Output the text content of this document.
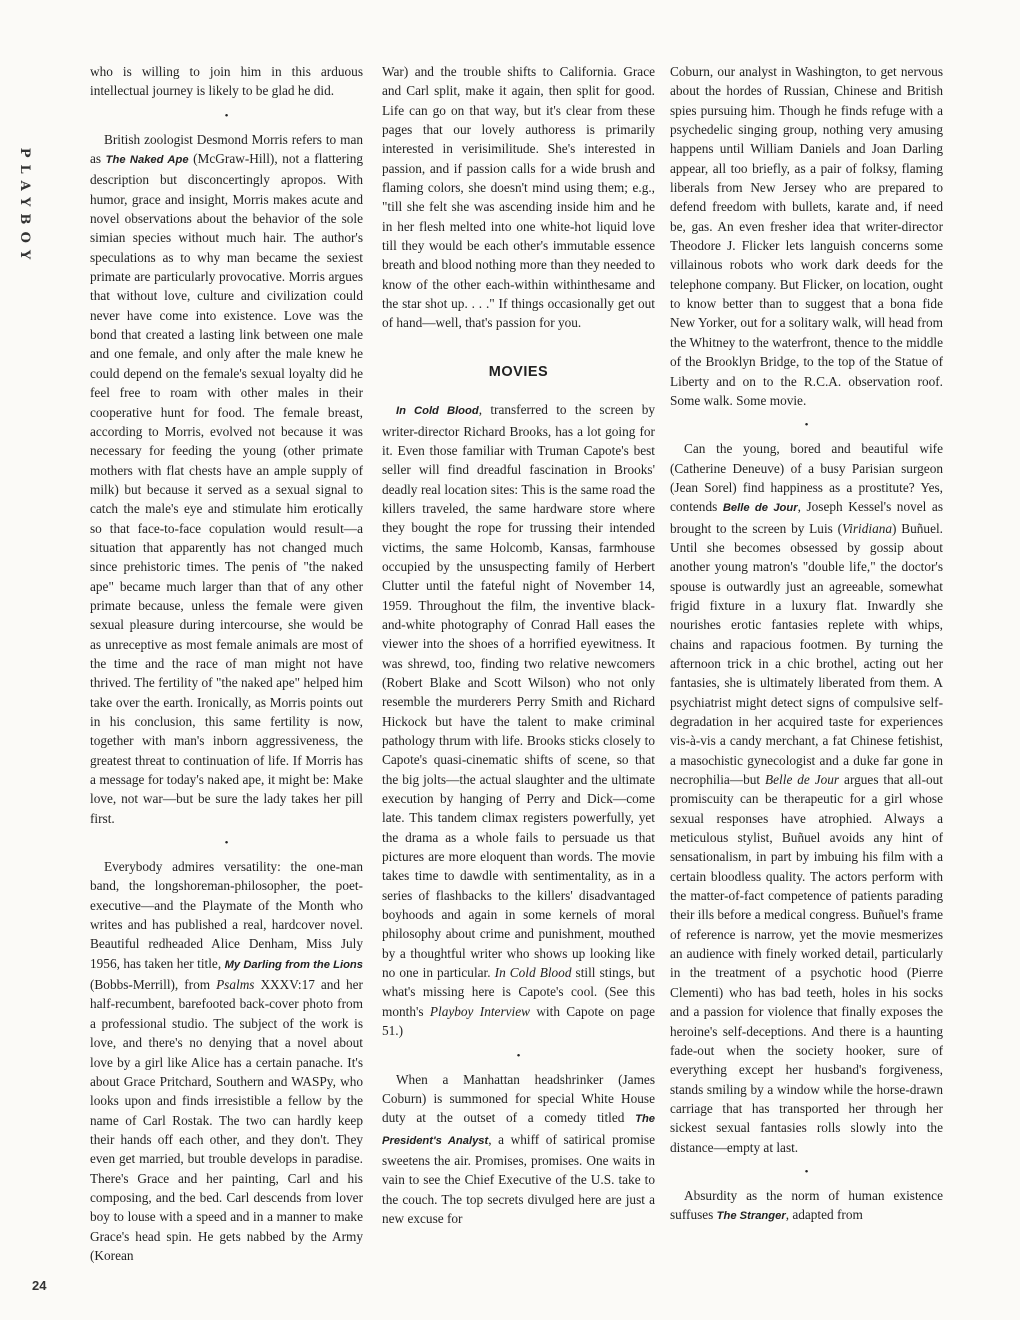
PLAYBOY
24

who is willing to join him in this arduous intellectual journey is likely to be glad he did.

•

British zoologist Desmond Morris refers to man as The Naked Ape (McGraw-Hill), not a flattering description but disconcertingly apropos. With humor, grace and insight, Morris makes acute and novel observations about the behavior of the sole simian species without much hair. The author's speculations as to why man became the sexiest primate are particularly provocative. Morris argues that without love, culture and civilization could never have come into existence. Love was the bond that created a lasting link between one male and one female, and only after the male knew he could depend on the female's sexual loyalty did he feel free to roam with other males in their cooperative hunt for food. The female breast, according to Morris, evolved not because it was necessary for feeding the young (other primate mothers with flat chests have an ample supply of milk) but because it served as a sexual signal to catch the male's eye and stimulate him erotically so that face-to-face copulation would result—a situation that apparently has not changed much since prehistoric times. The penis of "the naked ape" became much larger than that of any other primate because, unless the female were given sexual pleasure during intercourse, she would be as unreceptive as most female animals are most of the time and the race of man might not have thrived. The fertility of "the naked ape" helped him take over the earth. Ironically, as Morris points out in his conclusion, this same fertility is now, together with man's inborn aggressiveness, the greatest threat to continuation of life. If Morris has a message for today's naked ape, it might be: Make love, not war—but be sure the lady takes her pill first.

•

Everybody admires versatility: the one-man band, the longshoreman-philosopher, the poet-executive—and the Playmate of the Month who writes and has published a real, hardcover novel. Beautiful redheaded Alice Denham, Miss July 1956, has taken her title, My Darling from the Lions (Bobbs-Merrill), from Psalms XXXV:17 and her half-recumbent, barefooted back-cover photo from a professional studio. The subject of the work is love, and there's no denying that a novel about love by a girl like Alice has a certain panache. It's about Grace Pritchard, Southern and WASPy, who looks upon and finds irresistible a fellow by the name of Carl Rostak. The two can hardly keep their hands off each other, and they don't. They even get married, but trouble develops in paradise. There's Grace and her painting, Carl and his composing, and the bed. Carl descends from lover boy to louse with a speed and in a manner to make Grace's head spin. He gets nabbed by the Army (Korean

War) and the trouble shifts to California. Grace and Carl split, make it again, then split for good. Life can go on that way, but it's clear from these pages that our lovely authoress is primarily interested in verisimilitude. She's interested in passion, and if passion calls for a wide brush and flaming colors, she doesn't mind using them; e.g., "till she felt she was ascending inside him and he in her flesh melted into one white-hot liquid love till they would be each other's immutable essence breath and blood nothing more than they needed to know of the other each-within withinthesame and the star shot up. . . ." If things occasionally get out of hand—well, that's passion for you.

MOVIES

In Cold Blood, transferred to the screen by writer-director Richard Brooks, has a lot going for it. Even those familiar with Truman Capote's best seller will find dreadful fascination in Brooks' deadly real location sites: This is the same road the killers traveled, the same hardware store where they bought the rope for trussing their intended victims, the same Holcomb, Kansas, farmhouse occupied by the unsuspecting family of Herbert Clutter until the fateful night of November 14, 1959. Throughout the film, the inventive black-and-white photography of Conrad Hall eases the viewer into the shoes of a horrified eyewitness. It was shrewd, too, finding two relative newcomers (Robert Blake and Scott Wilson) who not only resemble the murderers Perry Smith and Richard Hickock but have the talent to make criminal pathology thrum with life. Brooks sticks closely to Capote's quasi-cinematic shifts of scene, so that the big jolts—the actual slaughter and the ultimate execution by hanging of Perry and Dick—come late. This tandem climax registers powerfully, yet the drama as a whole fails to persuade us that pictures are more eloquent than words. The movie takes time to dawdle with sentimentality, as in a series of flashbacks to the killers' disadvantaged boyhoods and again in some kernels of moral philosophy about crime and punishment, mouthed by a thoughtful writer who shows up looking like no one in particular. In Cold Blood still stings, but what's missing here is Capote's cool. (See this month's Playboy Interview with Capote on page 51.)

•

When a Manhattan headshrinker (James Coburn) is summoned for special White House duty at the outset of a comedy titled The President's Analyst, a whiff of satirical promise sweetens the air. Promises, promises. One waits in vain to see the Chief Executive of the U.S. take to the couch. The top secrets divulged here are just a new excuse for

Coburn, our analyst in Washington, to get nervous about the hordes of Russian, Chinese and British spies pursuing him. Though he finds refuge with a psychedelic singing group, nothing very amusing happens until William Daniels and Joan Darling appear, all too briefly, as a pair of folksy, flaming liberals from New Jersey who are prepared to defend freedom with bullets, karate and, if need be, gas. An even fresher idea that writer-director Theodore J. Flicker lets languish concerns some villainous robots who work dark deeds for the telephone company. But Flicker, on location, ought to know better than to suggest that a bona fide New Yorker, out for a solitary walk, will head from the Whitney to the waterfront, thence to the middle of the Brooklyn Bridge, to the top of the Statue of Liberty and on to the R.C.A. observation roof. Some walk. Some movie.

•

Can the young, bored and beautiful wife (Catherine Deneuve) of a busy Parisian surgeon (Jean Sorel) find happiness as a prostitute? Yes, contends Belle de Jour, Joseph Kessel's novel as brought to the screen by Luis (Viridiana) Buñuel. Until she becomes obsessed by gossip about another young matron's "double life," the doctor's spouse is outwardly just an agreeable, somewhat frigid fixture in a luxury flat. Inwardly she nourishes erotic fantasies replete with whips, chains and rapacious footmen. By turning the afternoon trick in a chic brothel, acting out her fantasies, she is ultimately liberated from them. A psychiatrist might detect signs of compulsive self-degradation in her acquired taste for experiences vis-à-vis a candy merchant, a fat Chinese fetishist, a masochistic gynecologist and a duke far gone in necrophilia—but Belle de Jour argues that all-out promiscuity can be therapeutic for a girl whose sexual responses have atrophied. Always a meticulous stylist, Buñuel avoids any hint of sensationalism, in part by imbuing his film with a certain bloodless quality. The actors perform with the matter-of-fact competence of patients parading their ills before a medical congress. Buñuel's frame of reference is narrow, yet the movie mesmerizes an audience with finely worked detail, particularly in the treatment of a psychotic hood (Pierre Clementi) who has bad teeth, holes in his socks and a passion for violence that finally exposes the heroine's self-deceptions. And there is a haunting fade-out when the society hooker, sure of everything except her husband's forgiveness, stands smiling by a window while the horse-drawn carriage that has transported her through her sickest sexual fantasies rolls slowly into the distance—empty at last.

•

Absurdity as the norm of human existence suffuses The Stranger, adapted from
